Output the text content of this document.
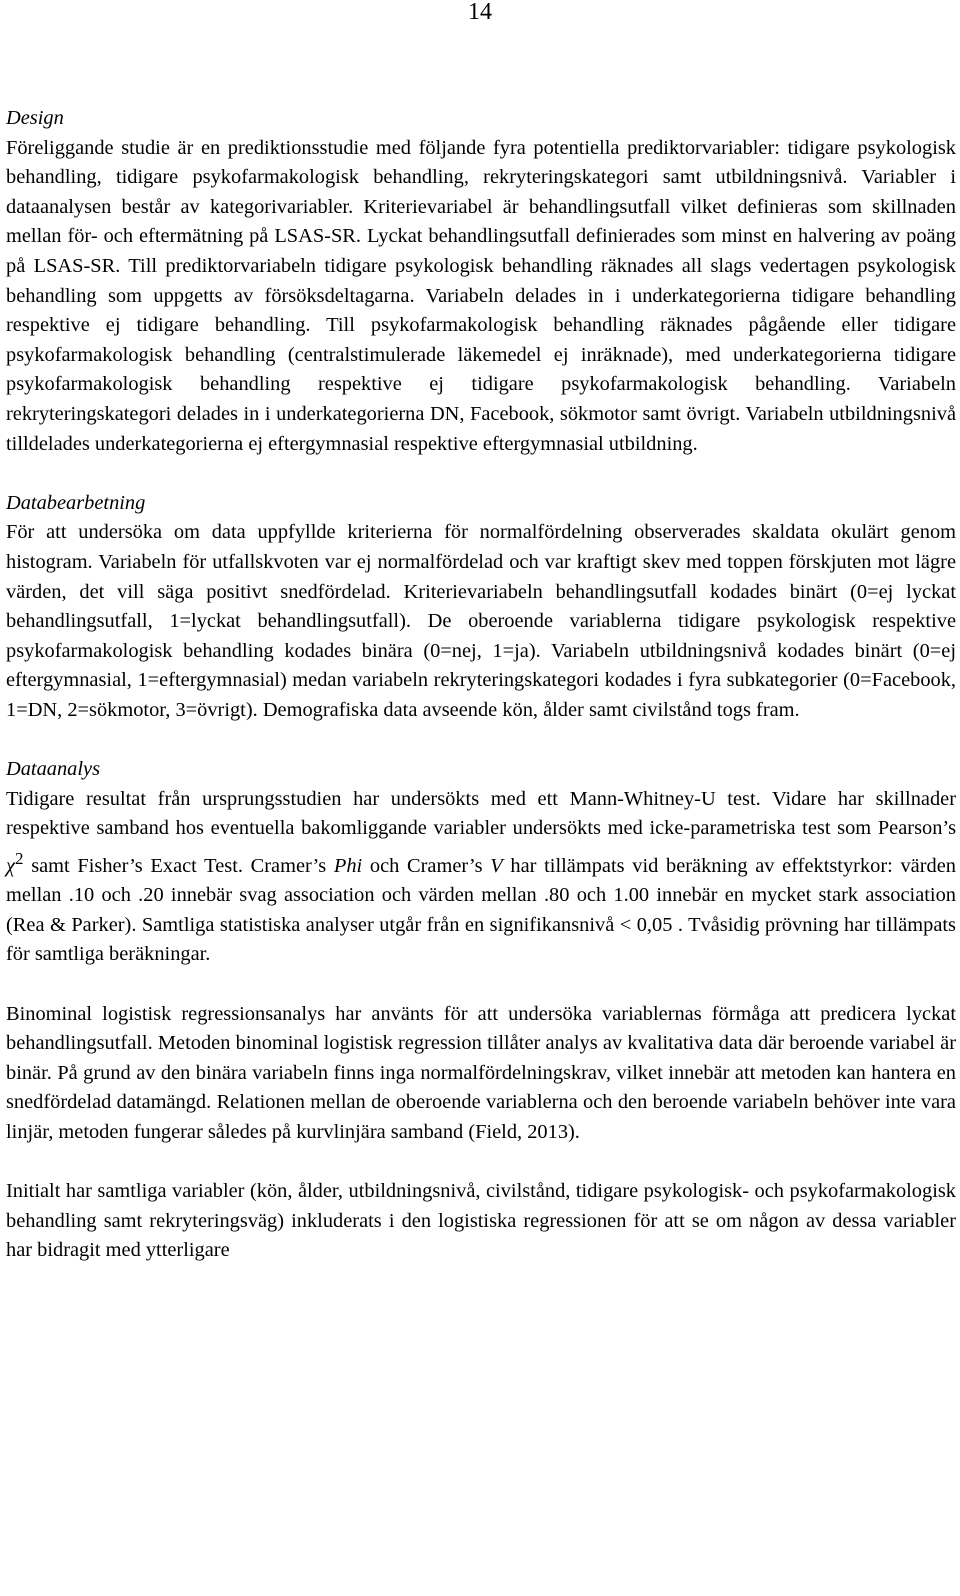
14
Design

Föreliggande studie är en prediktionsstudie med följande fyra potentiella prediktorvariabler: tidigare psykologisk behandling, tidigare psykofarmakologisk behandling, rekryteringskategori samt utbildningsnivå. Variabler i dataanalysen består av kategorivariabler. Kriterievariabel är behandlingsutfall vilket definieras som skillnaden mellan för- och eftermätning på LSAS-SR. Lyckat behandlingsutfall definierades som minst en halvering av poäng på LSAS-SR. Till prediktorvariabeln tidigare psykologisk behandling räknades all slags vedertagen psykologisk behandling som uppgetts av försöksdeltagarna. Variabeln delades in i underkategorierna tidigare behandling respektive ej tidigare behandling. Till psykofarmakologisk behandling räknades pågående eller tidigare psykofarmakologisk behandling (centralstimulerade läkemedel ej inräknade), med underkategorierna tidigare psykofarmakologisk behandling respektive ej tidigare psykofarmakologisk behandling. Variabeln rekryteringskategori delades in i underkategorierna DN, Facebook, sökmotor samt övrigt. Variabeln utbildningsnivå tilldelades underkategorierna ej eftergymnasial respektive eftergymnasial utbildning.

Databearbetning

För att undersöka om data uppfyllde kriterierna för normalfördelning observerades skaldata okulärt genom histogram. Variabeln för utfallskvoten var ej normalfördelad och var kraftigt skev med toppen förskjuten mot lägre värden, det vill säga positivt snedfördelad. Kriterievariabeln behandlingsutfall kodades binärt (0=ej lyckat behandlingsutfall, 1=lyckat behandlingsutfall). De oberoende variablerna tidigare psykologisk respektive psykofarmakologisk behandling kodades binära (0=nej, 1=ja). Variabeln utbildningsnivå kodades binärt (0=ej eftergymnasial, 1=eftergymnasial) medan variabeln rekryteringskategori kodades i fyra subkategorier (0=Facebook, 1=DN, 2=sökmotor, 3=övrigt). Demografiska data avseende kön, ålder samt civilstånd togs fram.

Dataanalys

Tidigare resultat från ursprungsstudien har undersökts med ett Mann-Whitney-U test. Vidare har skillnader respektive samband hos eventuella bakomliggande variabler undersökts med icke-parametriska test som Pearson’s $\chi^2$ samt Fisher’s Exact Test. Cramer’s Phi och Cramer’s V har tillämpats vid beräkning av effektstyrkor: värden mellan .10 och .20 innebär svag association och värden mellan .80 och 1.00 innebär en mycket stark association (Rea & Parker). Samtliga statistiska analyser utgår från en signifikansnivå < 0,05 . Tvåsidig prövning har tillämpats för samtliga beräkningar.

Binominal logistisk regressionsanalys har använts för att undersöka variablernas förmåga att predicera lyckat behandlingsutfall. Metoden binominal logistisk regression tillåter analys av kvalitativa data där beroende variabel är binär. På grund av den binära variabeln finns inga normalfördelningskrav, vilket innebär att metoden kan hantera en snedfördelad datamängd. Relationen mellan de oberoende variablerna och den beroende variabeln behöver inte vara linjär, metoden fungerar således på kurvlinjära samband (Field, 2013).

Initialt har samtliga variabler (kön, ålder, utbildningsnivå, civilstånd, tidigare psykologisk- och psykofarmakologisk behandling samt rekryteringsväg) inkluderats i den logistiska regressionen för att se om någon av dessa variabler har bidragit med ytterligare
